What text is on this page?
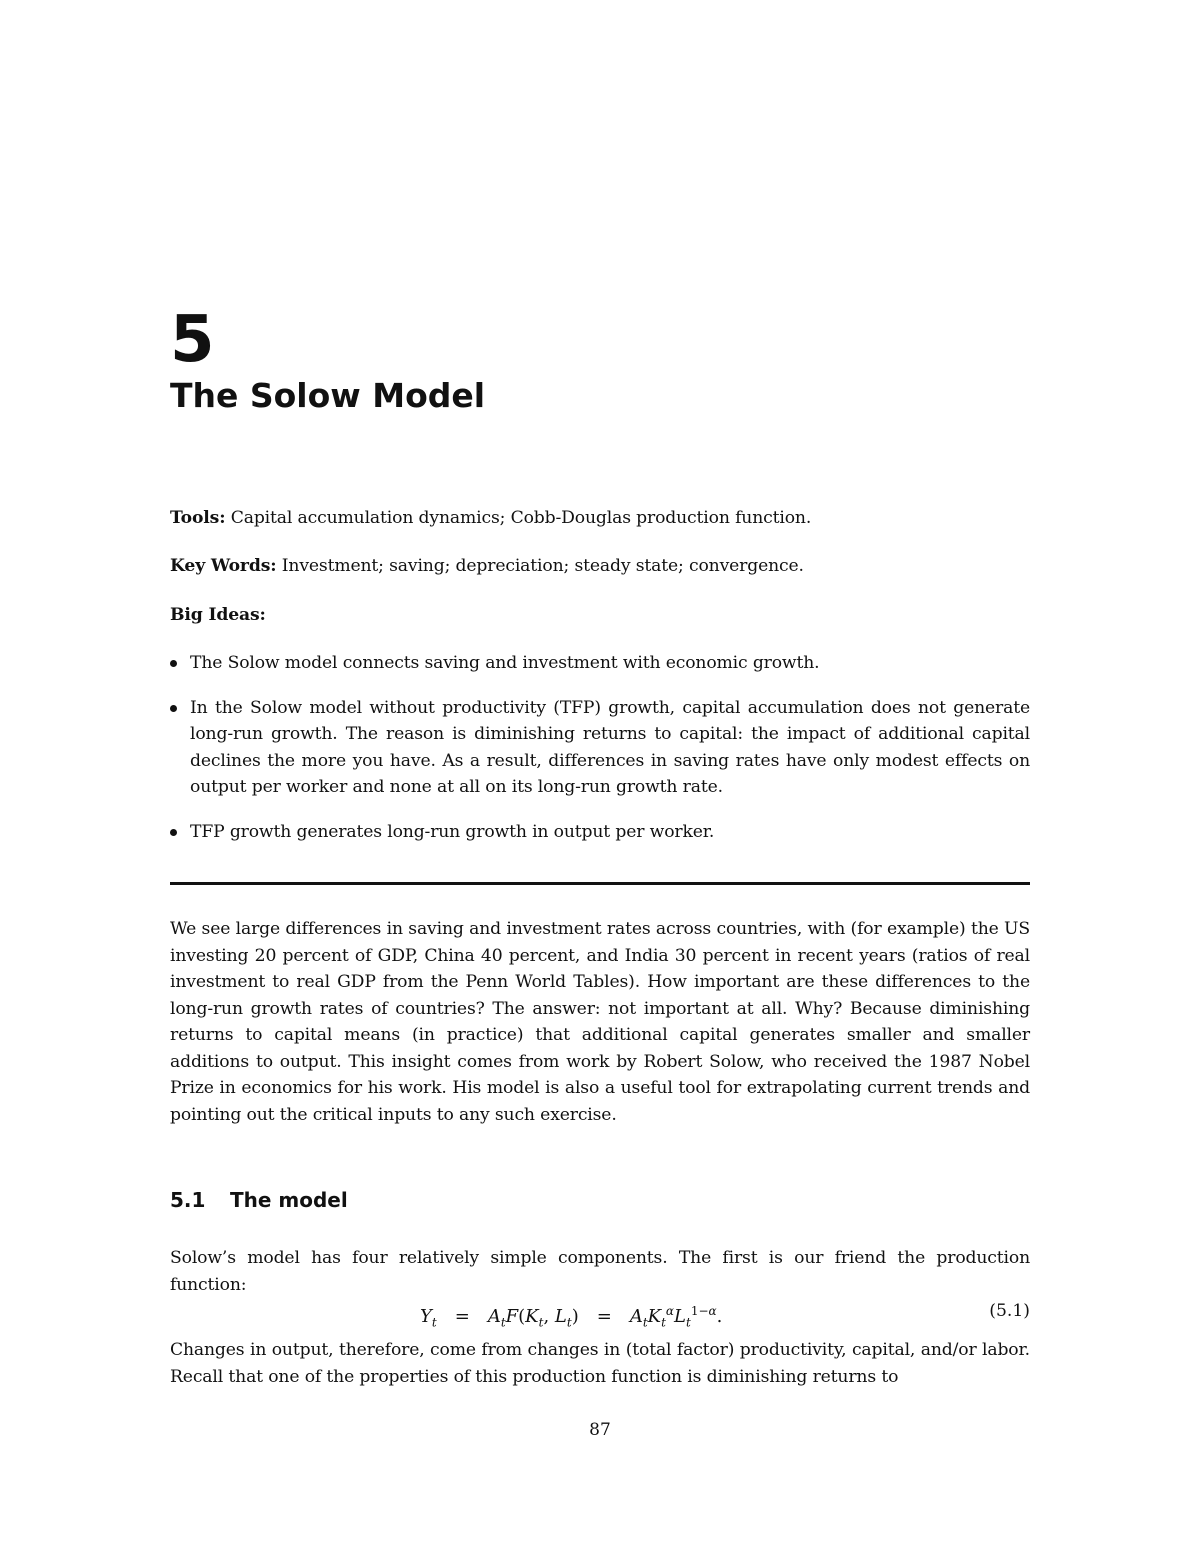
5
The Solow Model
Tools: Capital accumulation dynamics; Cobb-Douglas production function.
Key Words: Investment; saving; depreciation; steady state; convergence.
Big Ideas:
The Solow model connects saving and investment with economic growth.
In the Solow model without productivity (TFP) growth, capital accumulation does not generate long-run growth. The reason is diminishing returns to capital: the impact of additional capital declines the more you have. As a result, differences in saving rates have only modest effects on output per worker and none at all on its long-run growth rate.
TFP growth generates long-run growth in output per worker.

We see large differences in saving and investment rates across countries, with (for example) the US investing 20 percent of GDP, China 40 percent, and India 30 percent in recent years (ratios of real investment to real GDP from the Penn World Tables). How important are these differences to the long-run growth rates of countries? The answer: not important at all. Why? Because diminishing returns to capital means (in practice) that additional capital generates smaller and smaller additions to output. This insight comes from work by Robert Solow, who received the 1987 Nobel Prize in economics for his work. His model is also a useful tool for extrapolating current trends and pointing out the critical inputs to any such exercise.

5.1 The model

Solow’s model has four relatively simple components. The first is our friend the production function:

$Y_t = A_tF(K_t$, $L_t) = A_tK_t^\alpha L_t^{1-\alpha}$.	(5.1)

Changes in output, therefore, come from changes in (total factor) productivity, capital, and/or labor. Recall that one of the properties of this production function is diminishing returns to

87
